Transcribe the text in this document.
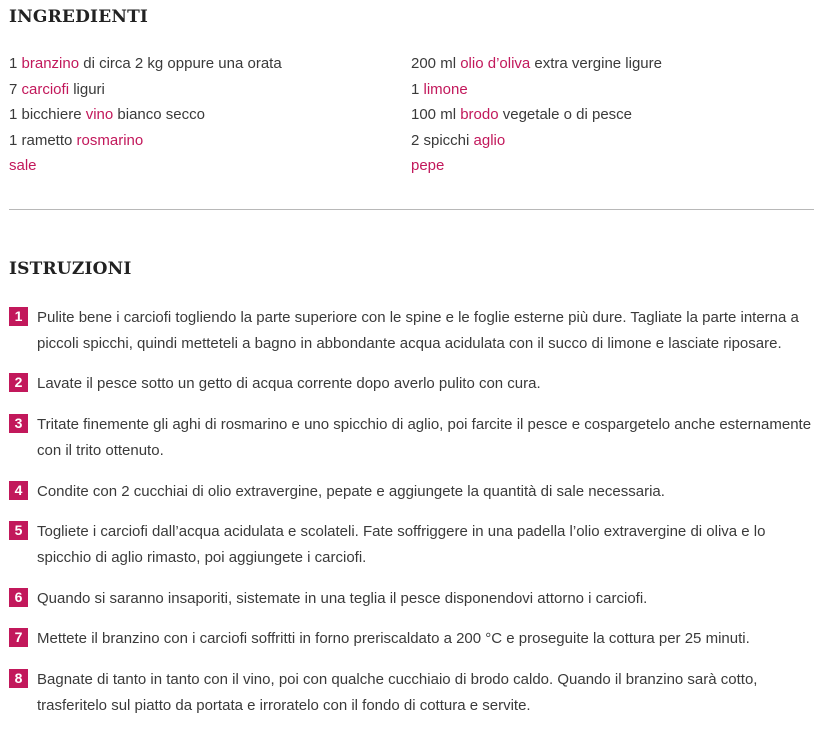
INGREDIENTI
1 branzino di circa 2 kg oppure una orata
7 carciofi liguri
1 bicchiere vino bianco secco
1 rametto rosmarino
sale
200 ml olio d’oliva extra vergine ligure
1 limone
100 ml brodo vegetale o di pesce
2 spicchi aglio
pepe
ISTRUZIONI
1 Pulite bene i carciofi togliendo la parte superiore con le spine e le foglie esterne più dure. Tagliate la parte interna a piccoli spicchi, quindi metteteli a bagno in abbondante acqua acidulata con il succo di limone e lasciate riposare.
2 Lavate il pesce sotto un getto di acqua corrente dopo averlo pulito con cura.
3 Tritate finemente gli aghi di rosmarino e uno spicchio di aglio, poi farcite il pesce e cospargetelo anche esternamente con il trito ottenuto.
4 Condite con 2 cucchiai di olio extravergine, pepate e aggiungete la quantità di sale necessaria.
5 Togliete i carciofi dall’acqua acidulata e scolateli. Fate soffriggere in una padella l’olio extravergine di oliva e lo spicchio di aglio rimasto, poi aggiungete i carciofi.
6 Quando si saranno insaporiti, sistemate in una teglia il pesce disponendovi attorno i carciofi.
7 Mettete il branzino con i carciofi soffritti in forno preriscaldato a 200 °C e proseguite la cottura per 25 minuti.
8 Bagnate di tanto in tanto con il vino, poi con qualche cucchiaio di brodo caldo. Quando il branzino sarà cotto, trasferitelo sul piatto da portata e irroratelo con il fondo di cottura e servite.
